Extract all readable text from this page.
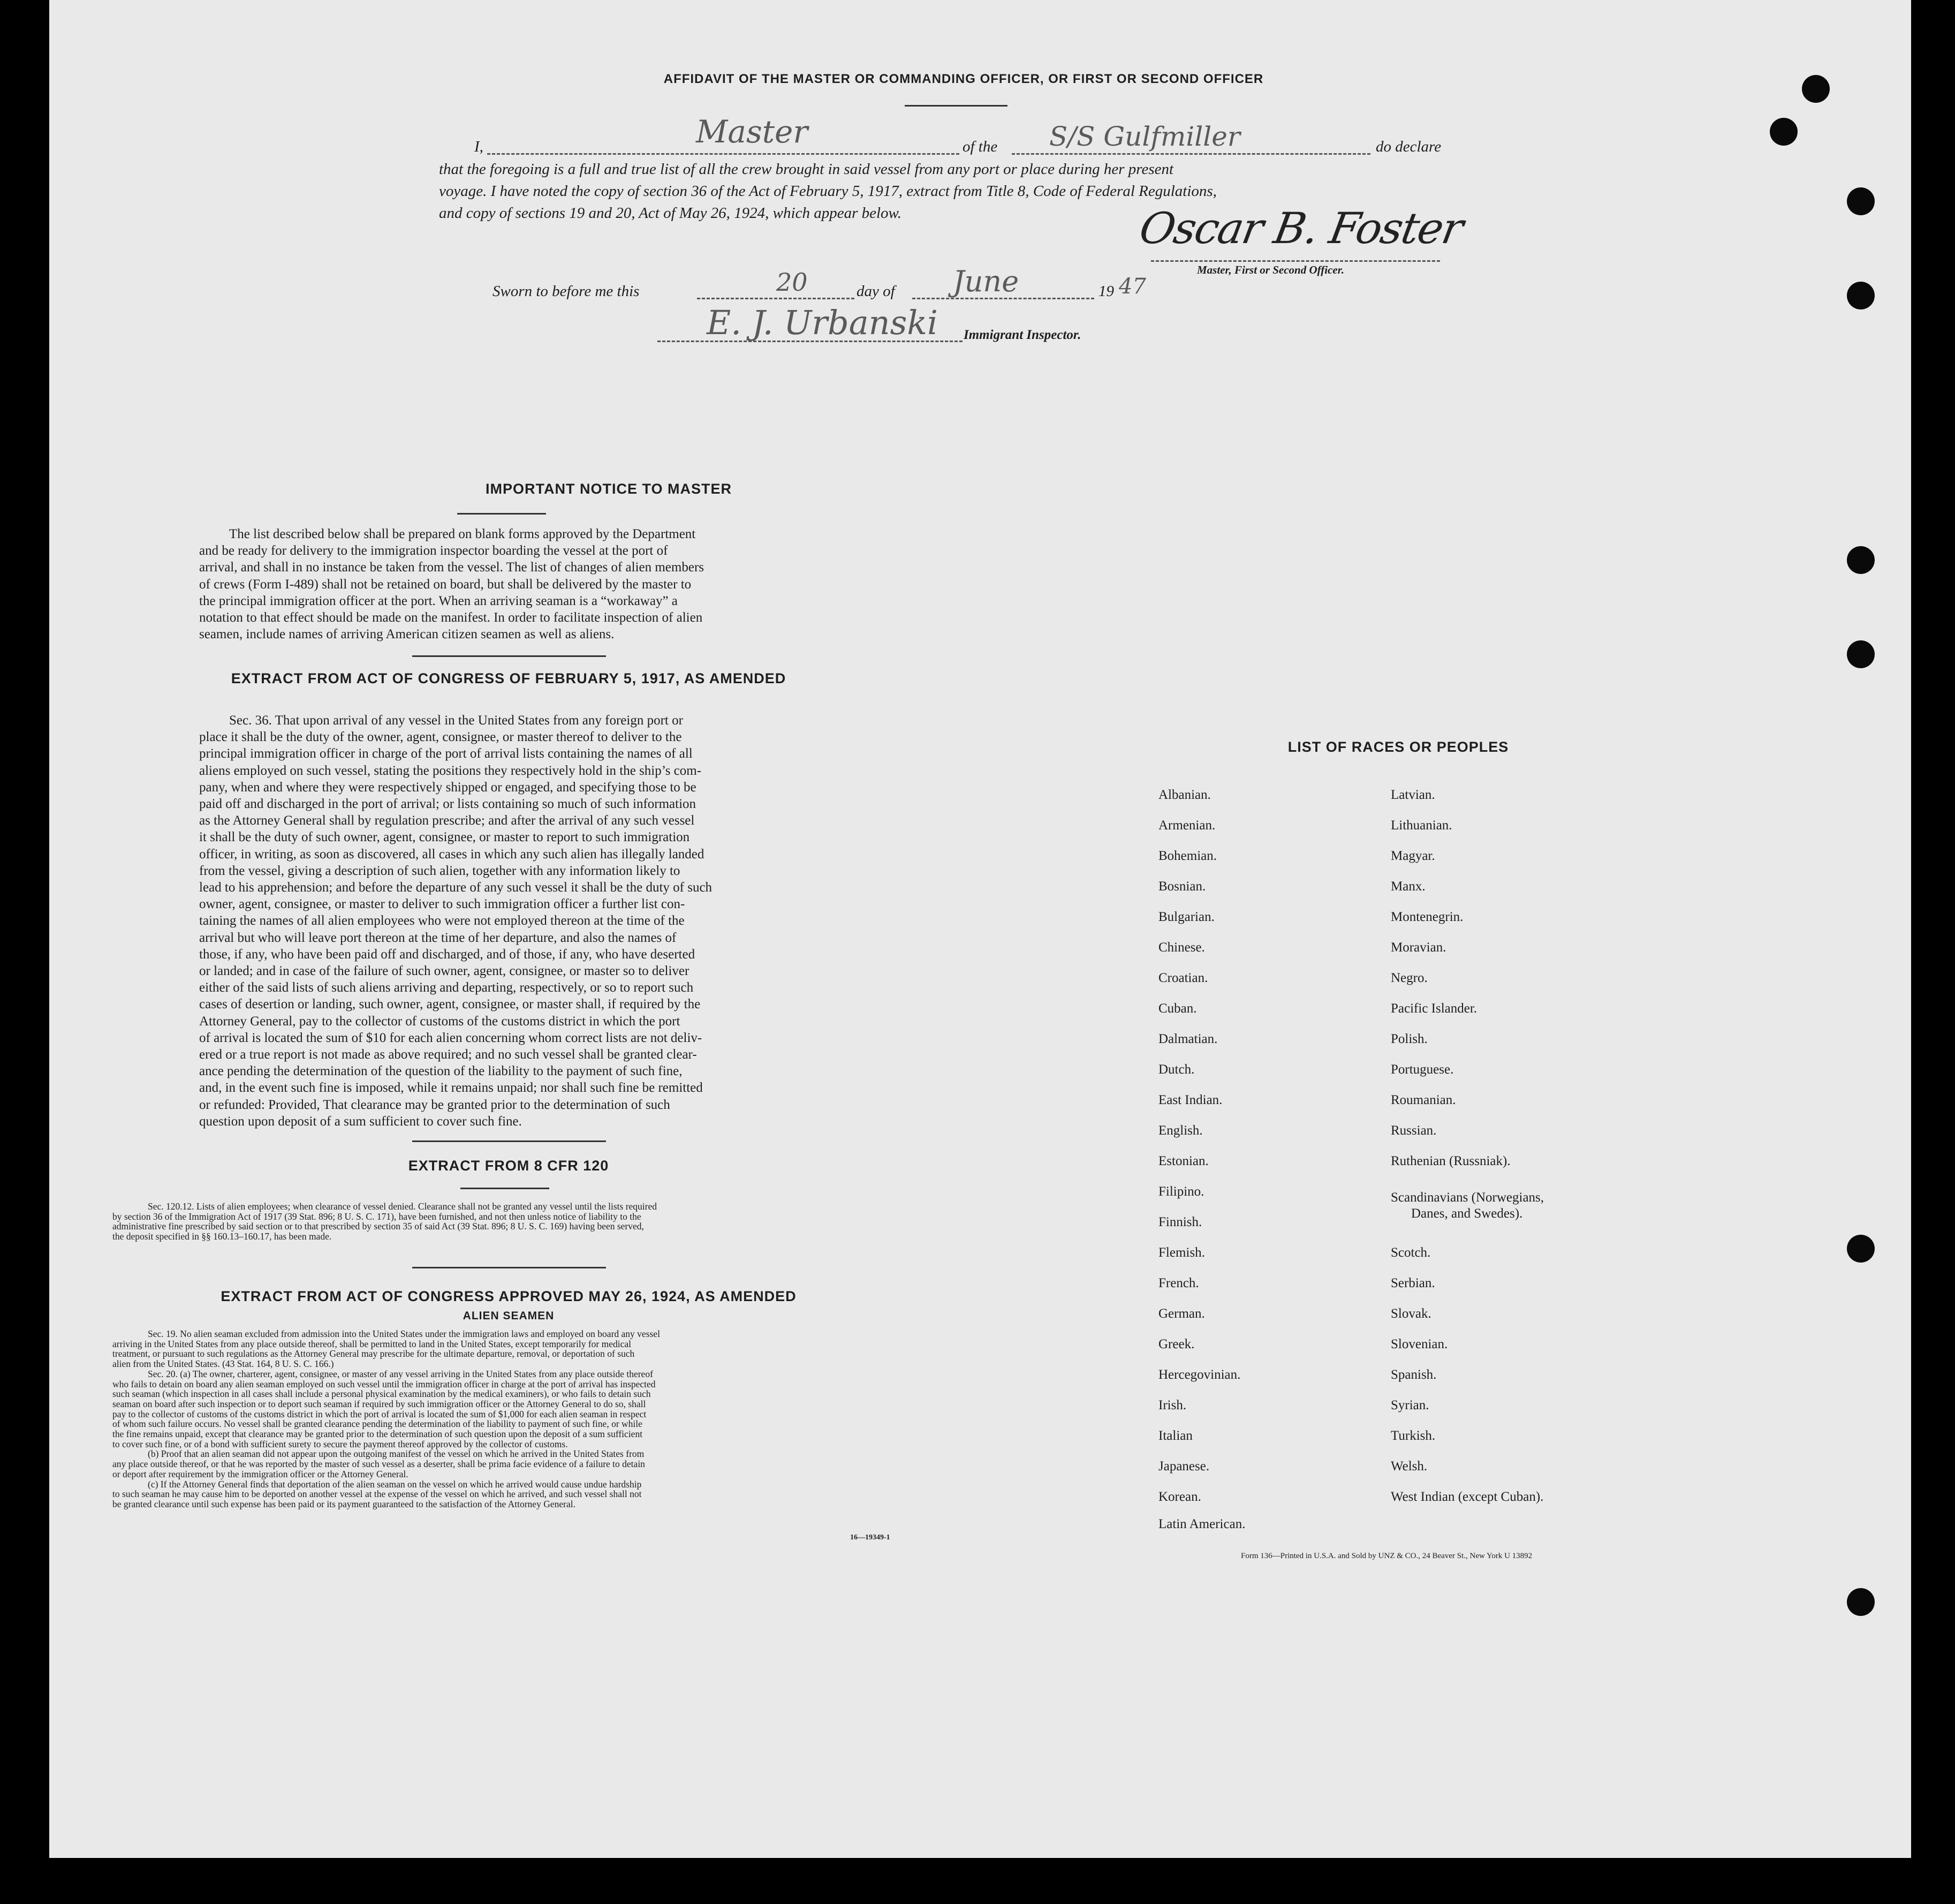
AFFIDAVIT OF THE MASTER OR COMMANDING OFFICER, OR FIRST OR SECOND OFFICER
I,	Master	of the S/S Gulfmiller	do declare
that the foregoing is a full and true list of all the crew brought in said vessel from any port or place during her present
voyage. I have noted the copy of section 36 of the Act of February 5, 1917, extract from Title 8, Code of Federal Regulations,
and copy of sections 19 and 20, Act of May 26, 1924, which appear below.	Oscar B. Foster
Master, First or Second Officer.
Sworn to before me this	20	day of June	19 47
E. J. Urbanski Immigrant Inspector.
IMPORTANT NOTICE TO MASTER
The list described below shall be prepared on blank forms approved by the Department
and be ready for delivery to the immigration inspector boarding the vessel at the port of
arrival, and shall in no instance be taken from the vessel. The list of changes of alien members
of crews (Form I-489) shall not be retained on board, but shall be delivered by the master to
the principal immigration officer at the port. When an arriving seaman is a “workaway” a
notation to that effect should be made on the manifest. In order to facilitate inspection of alien
seamen, include names of arriving American citizen seamen as well as aliens.
EXTRACT FROM ACT OF CONGRESS OF FEBRUARY 5, 1917, AS AMENDED
Sec. 36. That upon arrival of any vessel in the United States from any foreign port or
place it shall be the duty of the owner, agent, consignee, or master thereof to deliver to the
principal immigration officer in charge of the port of arrival lists containing the names of all
aliens employed on such vessel, stating the positions they respectively hold in the ship’s com-
pany, when and where they were respectively shipped or engaged, and specifying those to be
paid off and discharged in the port of arrival; or lists containing so much of such information
as the Attorney General shall by regulation prescribe; and after the arrival of any such vessel
it shall be the duty of such owner, agent, consignee, or master to report to such immigration
officer, in writing, as soon as discovered, all cases in which any such alien has illegally landed
from the vessel, giving a description of such alien, together with any information likely to
lead to his apprehension; and before the departure of any such vessel it shall be the duty of such
owner, agent, consignee, or master to deliver to such immigration officer a further list con-
taining the names of all alien employees who were not employed thereon at the time of the
arrival but who will leave port thereon at the time of her departure, and also the names of
those, if any, who have been paid off and discharged, and of those, if any, who have deserted
or landed; and in case of the failure of such owner, agent, consignee, or master so to deliver
either of the said lists of such aliens arriving and departing, respectively, or so to report such
cases of desertion or landing, such owner, agent, consignee, or master shall, if required by the
Attorney General, pay to the collector of customs of the customs district in which the port
of arrival is located the sum of $10 for each alien concerning whom correct lists are not deliv-
ered or a true report is not made as above required; and no such vessel shall be granted clear-
ance pending the determination of the question of the liability to the payment of such fine,
and, in the event such fine is imposed, while it remains unpaid; nor shall such fine be remitted
or refunded: Provided, That clearance may be granted prior to the determination of such
question upon deposit of a sum sufficient to cover such fine.
EXTRACT FROM 8 CFR 120
Sec. 120.12. Lists of alien employees; when clearance of vessel denied. Clearance shall not be granted any vessel until the lists required
by section 36 of the Immigration Act of 1917 (39 Stat. 896; 8 U. S. C. 171), have been furnished, and not then unless notice of liability to the
administrative fine prescribed by said section or to that prescribed by section 35 of said Act (39 Stat. 896; 8 U. S. C. 169) having been served,
the deposit specified in §§ 160.13–160.17, has been made.
EXTRACT FROM ACT OF CONGRESS APPROVED MAY 26, 1924, AS AMENDED
ALIEN SEAMEN
Sec. 19. No alien seaman excluded from admission into the United States under the immigration laws and employed on board any vessel
arriving in the United States from any place outside thereof, shall be permitted to land in the United States, except temporarily for medical
treatment, or pursuant to such regulations as the Attorney General may prescribe for the ultimate departure, removal, or deportation of such
alien from the United States. (43 Stat. 164, 8 U. S. C. 166.)
Sec. 20. (a) The owner, charterer, agent, consignee, or master of any vessel arriving in the United States from any place outside thereof
who fails to detain on board any alien seaman employed on such vessel until the immigration officer in charge at the port of arrival has inspected
such seaman (which inspection in all cases shall include a personal physical examination by the medical examiners), or who fails to detain such
seaman on board after such inspection or to deport such seaman if required by such immigration officer or the Attorney General to do so, shall
pay to the collector of customs of the customs district in which the port of arrival is located the sum of $1,000 for each alien seaman in respect
of whom such failure occurs. No vessel shall be granted clearance pending the determination of the liability to payment of such fine, or while
the fine remains unpaid, except that clearance may be granted prior to the determination of such question upon the deposit of a sum sufficient
to cover such fine, or of a bond with sufficient surety to secure the payment thereof approved by the collector of customs.
(b) Proof that an alien seaman did not appear upon the outgoing manifest of the vessel on which he arrived in the United States from
any place outside thereof, or that he was reported by the master of such vessel as a deserter, shall be prima facie evidence of a failure to detain
or deport after requirement by the immigration officer or the Attorney General.
(c) If the Attorney General finds that deportation of the alien seaman on the vessel on which he arrived would cause undue hardship
to such seaman he may cause him to be deported on another vessel at the expense of the vessel on which he arrived, and such vessel shall not
be granted clearance until such expense has been paid or its payment guaranteed to the satisfaction of the Attorney General.
16—19349-1
LIST OF RACES OR PEOPLES
Albanian.
Armenian.
Bohemian.
Bosnian.
Bulgarian.
Chinese.
Croatian.
Cuban.
Dalmatian.
Dutch.
East Indian.
English.
Estonian.
Filipino.
Finnish.
Flemish.
French.
German.
Greek.
Hercegovinian.
Irish.
Italian
Japanese.
Korean.
Latin American.
Latvian.
Lithuanian.
Magyar.
Manx.
Montenegrin.
Moravian.
Negro.
Pacific Islander.
Polish.
Portuguese.
Roumanian.
Russian.
Ruthenian (Russniak).
Scandinavians (Norwegians,
Danes, and Swedes).
Scotch.
Serbian.
Slovak.
Slovenian.
Spanish.
Syrian.
Turkish.
Welsh.
West Indian (except Cuban).
Form 136—Printed in U.S.A. and Sold by UNZ & CO., 24 Beaver St., New York U 13892
